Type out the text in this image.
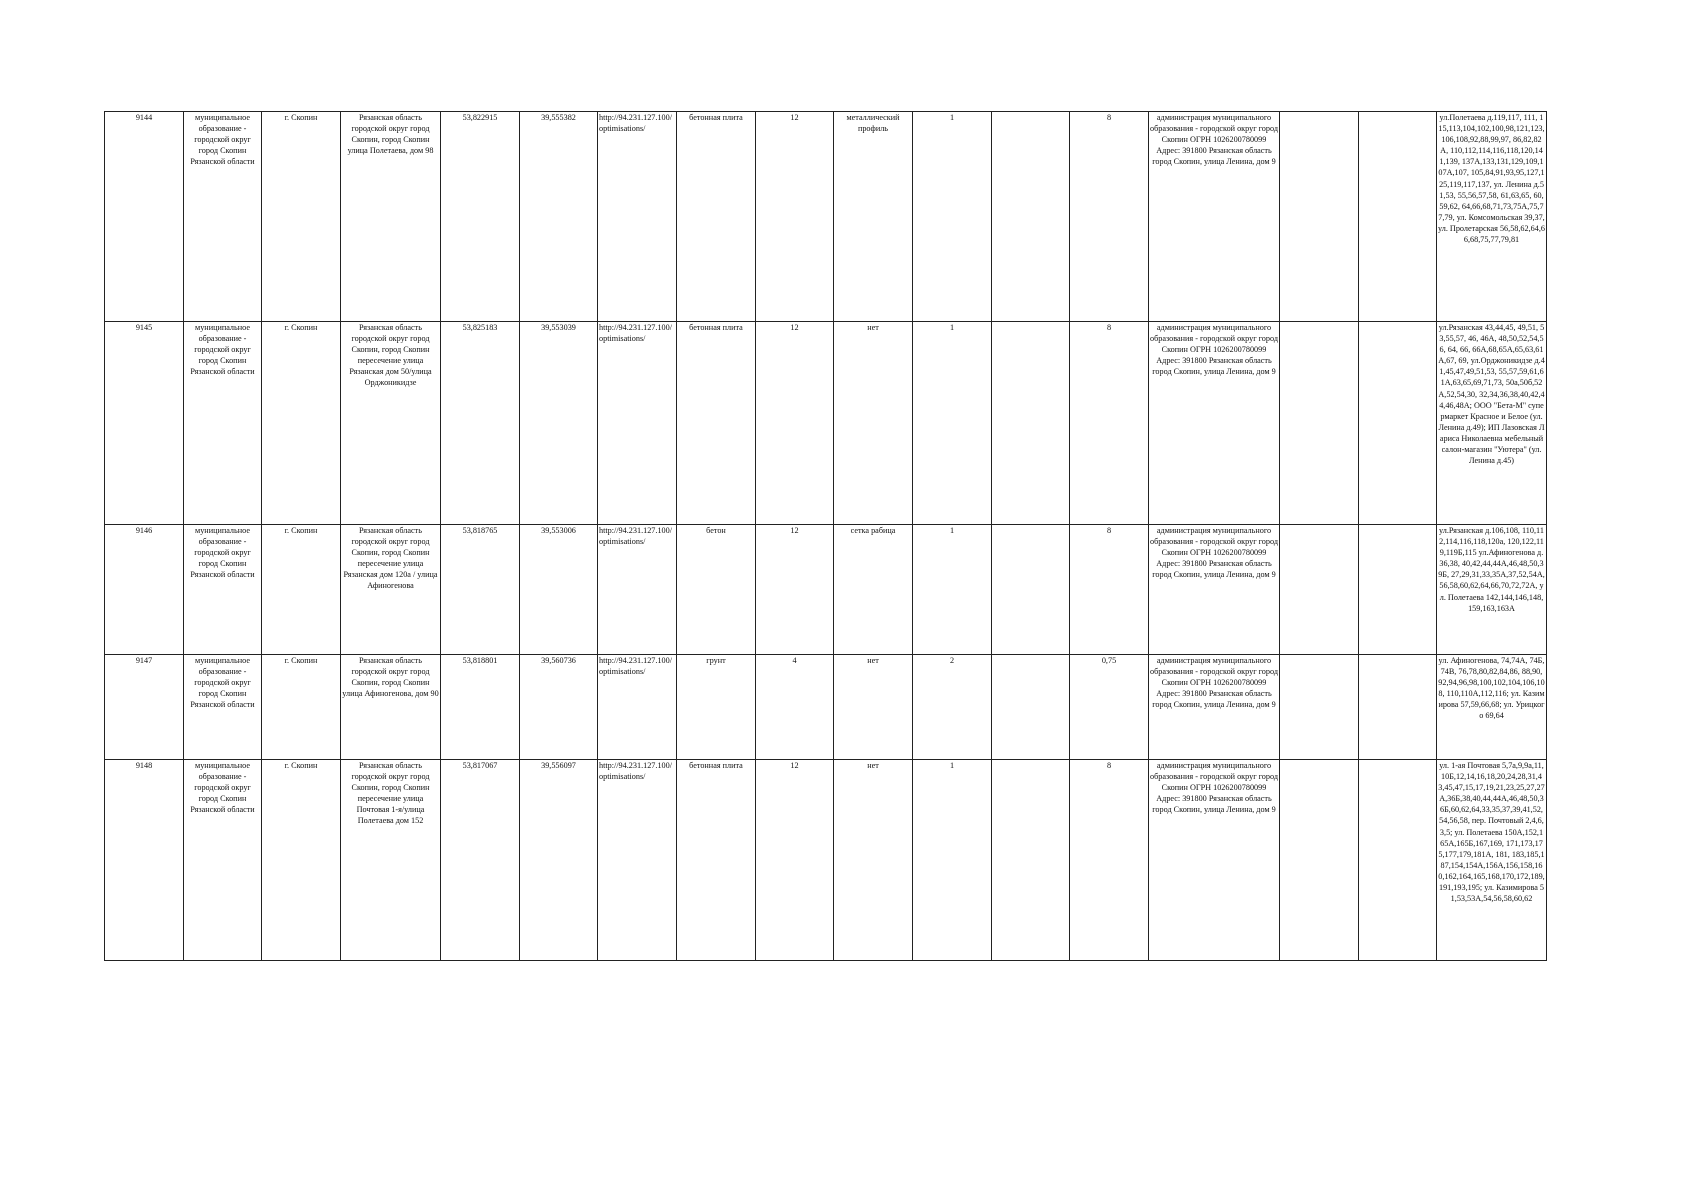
9144	муниципальное образование - городской округ город Скопин Рязанской области	г. Скопин	Рязанская область городской округ город Скопин, город Скопин улица Полетаева, дом 98	53,822915	39,555382	http://94.231.127.100/optimisations/	бетонная плита	12	металлический профиль	1		8	администрация муниципального образования - городской округ город Скопин ОГРН 1026200780099 Адрес: 391800 Рязанская область город Скопин, улица Ленина, дом 9			ул.Полетаева д.119,117, 111, 115,113,104,102,100,98,121,123, 106,108,92,88,99,97, 86,82,82А, 110,112,114,116,118,120,141,139, 137А,133,131,129,109,107А,107, 105,84,91,93,95,127,125,119,117,137, ул. Ленина д.51,53, 55,56,57,58, 61,63,65, 60, 59,62, 64,66,68,71,73,75А,75,77,79, ул. Комсомольская 39,37, ул. Пролетарская 56,58,62,64,66,68,75,77,79,81
9145	муниципальное образование - городской округ город Скопин Рязанской области	г. Скопин	Рязанская область городской округ город Скопин, город Скопин пересечение улица Рязанская дом 50/улица Орджоникидзе	53,825183	39,553039	http://94.231.127.100/optimisations/	бетонная плита	12	нет	1		8	администрация муниципального образования - городской округ город Скопин ОГРН 1026200780099 Адрес: 391800 Рязанская область город Скопин, улица Ленина, дом 9			ул.Рязанская 43,44,45, 49,51, 53,55,57, 46, 46А, 48,50,52,54,56, 64, 66, 66А,68,65А,65,63,61А,67, 69, ул.Орджоникидзе д.41,45,47,49,51,53, 55,57,59,61,61А,63,65,69,71,73, 50а,50б,52А,52,54,30, 32,34,36,38,40,42,44,46,48А; ООО "Бета-М" супермаркет Красное и Белое (ул. Ленина д.49); ИП Лазовская Лариса Николаевна мебельный салон-магазин "Уютера" (ул. Ленина д.45)
9146	муниципальное образование - городской округ город Скопин Рязанской области	г. Скопин	Рязанская область городской округ город Скопин, город Скопин пересечение улица Рязанская дом 120а / улица Афиногенова	53,818765	39,553006	http://94.231.127.100/optimisations/	бетон	12	сетка рабица	1		8	администрация муниципального образования - городской округ город Скопин ОГРН 1026200780099 Адрес: 391800 Рязанская область город Скопин, улица Ленина, дом 9			ул.Рязанская д.106,108, 110,112,114,116,118,120а, 120,122,119,119Б,115 ул.Афиногенова д.36,38, 40,42,44,44А,46,48,50,39Б, 27,29,31,33,35А,37,52,54А, 56,58,60,62,64,66,70,72,72А, ул. Полетаева 142,144,146,148,159,163,163А
9147	муниципальное образование - городской округ город Скопин Рязанской области	г. Скопин	Рязанская область городской округ город Скопин, город Скопин улица Афиногенова, дом 90	53,818801	39,560736	http://94.231.127.100/optimisations/	грунт	4	нет	2		0,75	администрация муниципального образования - городской округ город Скопин ОГРН 1026200780099 Адрес: 391800 Рязанская область город Скопин, улица Ленина, дом 9			ул. Афиногенова, 74,74А, 74Б,74В, 76,78,80,82,84,86, 88,90, 92,94,96,98,100,102,104,106,108, 110,110А,112,116; ул. Казимирова 57,59,66,68; ул. Урицкого 69,64
9148	муниципальное образование - городской округ город Скопин Рязанской области	г. Скопин	Рязанская область городской округ город Скопин, город Скопин пересечение улица Почтовая 1-я/улица Полетаева дом 152	53,817067	39,556097	http://94.231.127.100/optimisations/	бетонная плита	12	нет	1		8	администрация муниципального образования - городской округ город Скопин ОГРН 1026200780099 Адрес: 391800 Рязанская область город Скопин, улица Ленина, дом 9			ул. 1-ая Почтовая 5,7а,9,9а,11,10Б,12,14,16,18,20,24,28,31,43,45,47,15,17,19,21,23,25,27,27А,36Б,38,40,44,44А,46,48,50,36Б,60,62,64,33,35,37,39,41,52,54,56,58, пер. Почтовый 2,4,6,3,5; ул. Полетаева 150А,152,165А,165Б,167,169, 171,173,175,177,179,181А, 181, 183,185,187,154,154А,156А,156,158,160,162,164,165,168,170,172,189,191,193,195; ул. Казимирова 51,53,53А,54,56,58,60,62
